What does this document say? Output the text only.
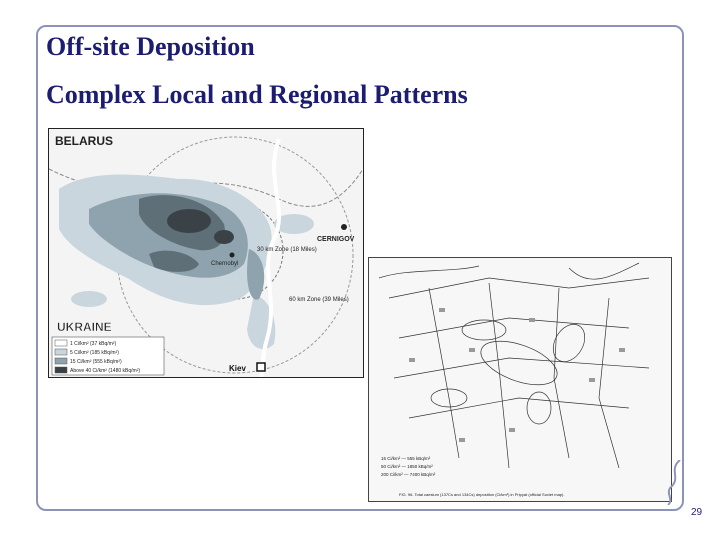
Off-site Deposition
Complex Local and Regional Patterns
BELARUS
UKRAINE
CERNIGOV
30 km Zone (18 Miles)
60 km Zone (39 Miles)
Chernobyl
1 Ci/km² (37 kBq/m²)
5 Ci/km² (185 kBq/m²)
15 Ci/km² (555 kBq/m²)
Above 40 Ci/km² (1480 kBq/m²)	Kiev
15 Ci/km² — 555 kBq/m²
50 Ci/km² — 1850 kBq/m²
200 Ci/km² — 7400 kBq/m²
FIG. 96. Total caesium (137Cs and 134Cs) deposition (Ci/km²) in Pripyat (official Soviet map).
29
